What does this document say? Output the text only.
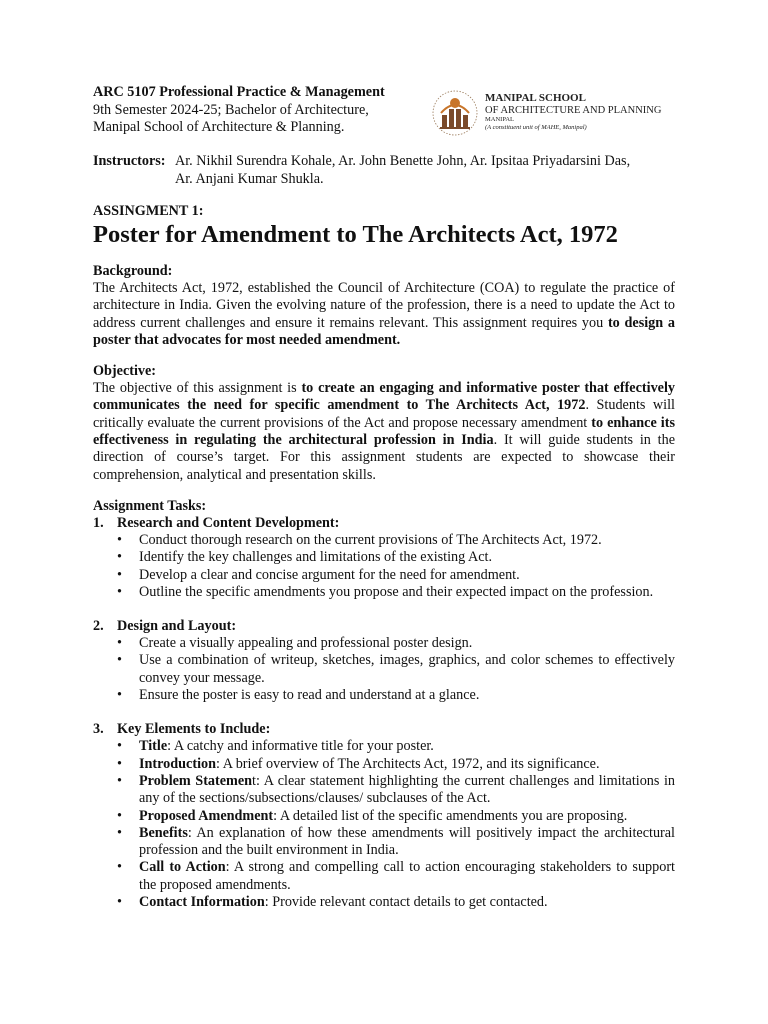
ARC 5107 Professional Practice & Management
9th Semester 2024-25; Bachelor of Architecture,
Manipal School of Architecture & Planning.
MANIPAL SCHOOL
OF ARCHITECTURE AND PLANNING
MANIPAL
(A constituent unit of MAHE, Manipal)
Instructors: Ar. Nikhil Surendra Kohale, Ar. John Benette John, Ar. Ipsitaa Priyadarsini Das,
Ar. Anjani Kumar Shukla.
ASSINGMENT 1:
Poster for Amendment to The Architects Act, 1972
Background:

The Architects Act, 1972, established the Council of Architecture (COA) to regulate the practice of architecture in India. Given the evolving nature of the profession, there is a need to update the Act to address current challenges and ensure it remains relevant. This assignment requires you to design a poster that advocates for most needed amendment.

Objective:

The objective of this assignment is to create an engaging and informative poster that effectively communicates the need for specific amendment to The Architects Act, 1972. Students will critically evaluate the current provisions of the Act and propose necessary amendment to enhance its effectiveness in regulating the architectural profession in India. It will guide students in the direction of course’s target. For this assignment students are expected to showcase their comprehension, analytical and presentation skills.

Assignment Tasks:
1. Research and Content Development:
• Conduct thorough research on the current provisions of The Architects Act, 1972.
• Identify the key challenges and limitations of the existing Act.
• Develop a clear and concise argument for the need for amendment.
• Outline the specific amendments you propose and their expected impact on the profession.
2. Design and Layout:
• Create a visually appealing and professional poster design.
• Use a combination of writeup, sketches, images, graphics, and color schemes to effectively convey your message.
• Ensure the poster is easy to read and understand at a glance.
3. Key Elements to Include:
• Title: A catchy and informative title for your poster.
• Introduction: A brief overview of The Architects Act, 1972, and its significance.
• Problem Statement: A clear statement highlighting the current challenges and limitations in any of the sections/subsections/clauses/ subclauses of the Act.
• Proposed Amendment: A detailed list of the specific amendments you are proposing.
• Benefits: An explanation of how these amendments will positively impact the architectural profession and the built environment in India.
• Call to Action: A strong and compelling call to action encouraging stakeholders to support the proposed amendments.
• Contact Information: Provide relevant contact details to get contacted.
